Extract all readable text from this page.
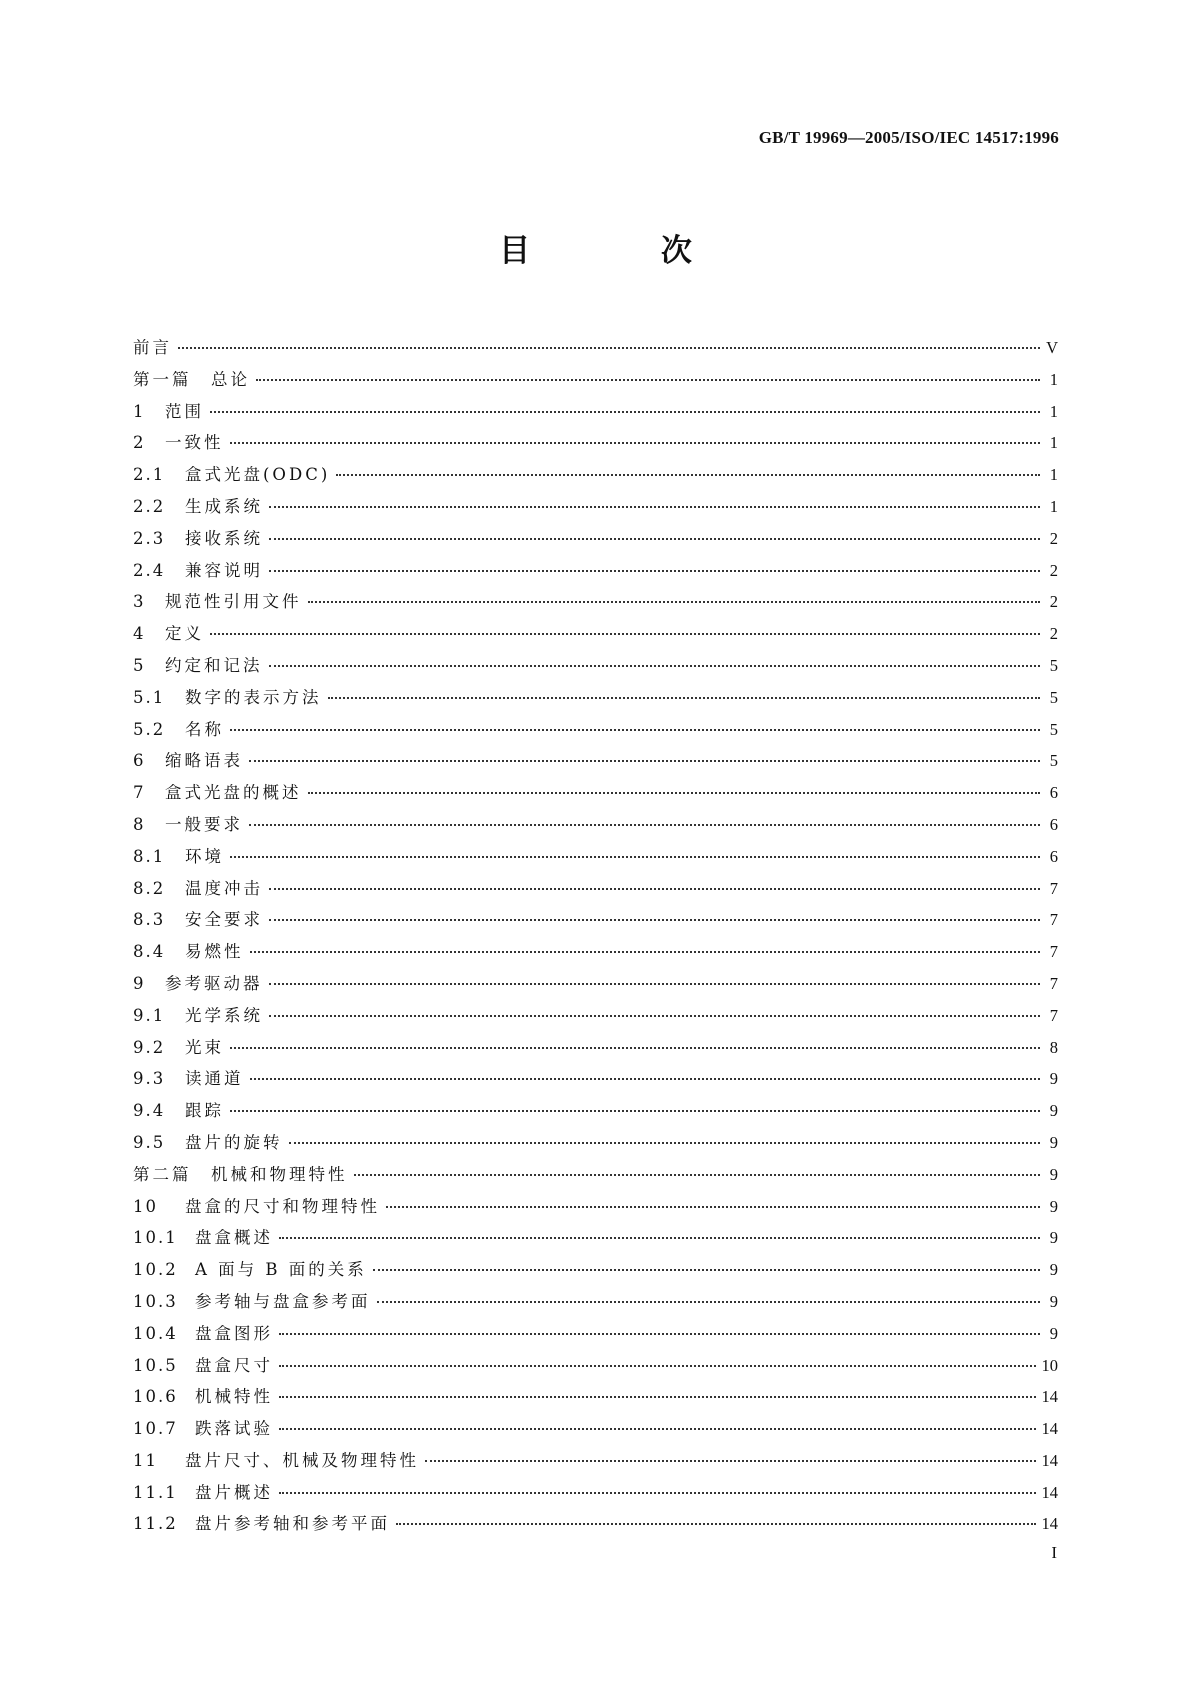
GB/T 19969—2005/ISO/IEC 14517:1996
目 次
前言	V
第一篇　总论	1
1	范围	1
2	一致性	1
2.1	盒式光盘(ODC)	1
2.2	生成系统	1
2.3	接收系统	2
2.4	兼容说明	2
3	规范性引用文件	2
4	定义	2
5	约定和记法	5
5.1	数字的表示方法	5
5.2	名称	5
6	缩略语表	5
7	盒式光盘的概述	6
8	一般要求	6
8.1	环境	6
8.2	温度冲击	7
8.3	安全要求	7
8.4	易燃性	7
9	参考驱动器	7
9.1	光学系统	7
9.2	光束	8
9.3	读通道	9
9.4	跟踪	9
9.5	盘片的旋转	9
第二篇　机械和物理特性	9
10	盘盒的尺寸和物理特性	9
10.1	盘盒概述	9
10.2	A 面与 B 面的关系	9
10.3	参考轴与盘盒参考面	9
10.4	盘盒图形	9
10.5	盘盒尺寸	10
10.6	机械特性	14
10.7	跌落试验	14
11	盘片尺寸、机械及物理特性	14
11.1	盘片概述	14
11.2	盘片参考轴和参考平面	14
I
